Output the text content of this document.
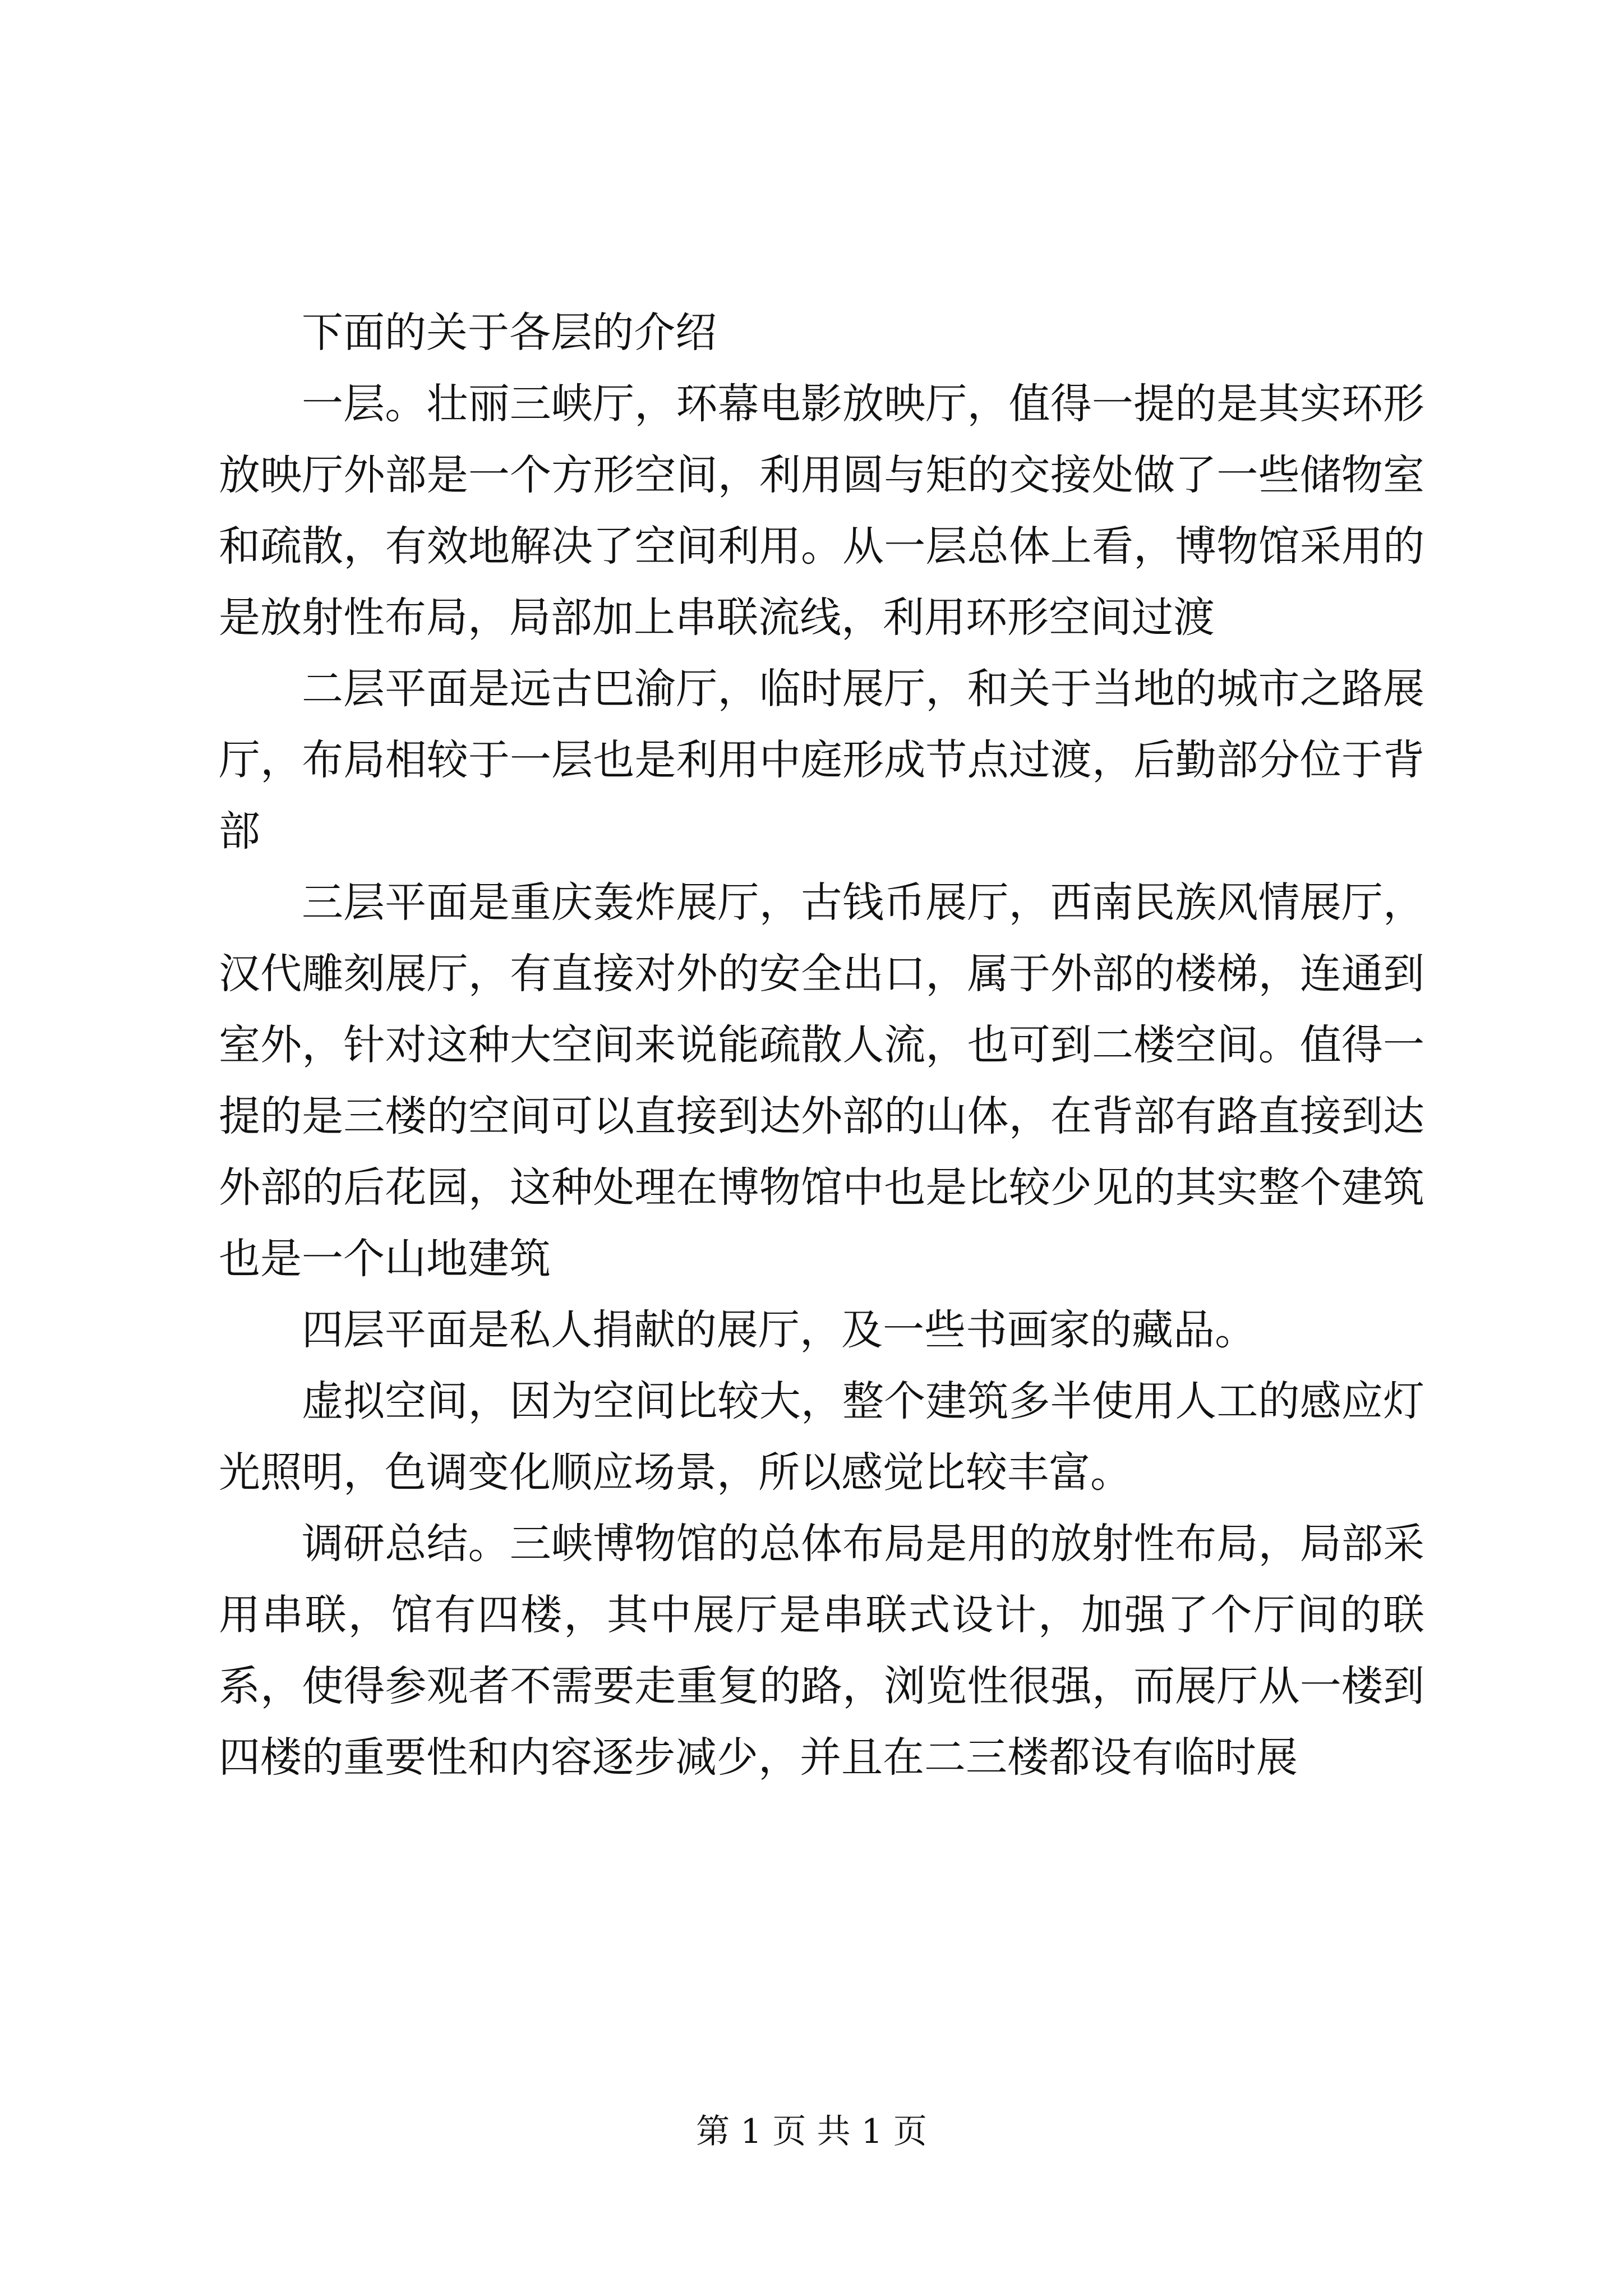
下面的关于各层的介绍

一层。壮丽三峡厅，环幕电影放映厅，值得一提的是其实环形放映厅外部是一个方形空间，利用圆与矩的交接处做了一些储物室和疏散，有效地解决了空间利用。从一层总体上看，博物馆采用的是放射性布局，局部加上串联流线，利用环形空间过渡

二层平面是远古巴渝厅，临时展厅，和关于当地的城市之路展厅，布局相较于一层也是利用中庭形成节点过渡，后勤部分位于背部

三层平面是重庆轰炸展厅，古钱币展厅，西南民族风情展厅，汉代雕刻展厅，有直接对外的安全出口，属于外部的楼梯，连通到室外，针对这种大空间来说能疏散人流，也可到二楼空间。值得一提的是三楼的空间可以直接到达外部的山体，在背部有路直接到达外部的后花园，这种处理在博物馆中也是比较少见的其实整个建筑也是一个山地建筑

四层平面是私人捐献的展厅，及一些书画家的藏品。

虚拟空间，因为空间比较大，整个建筑多半使用人工的感应灯光照明，色调变化顺应场景，所以感觉比较丰富。

调研总结。三峡博物馆的总体布局是用的放射性布局，局部采用串联，馆有四楼，其中展厅是串联式设计，加强了个厅间的联系，使得参观者不需要走重复的路，浏览性很强，而展厅从一楼到四楼的重要性和内容逐步减少，并且在二三楼都设有临时展

第 1 页 共 1 页
